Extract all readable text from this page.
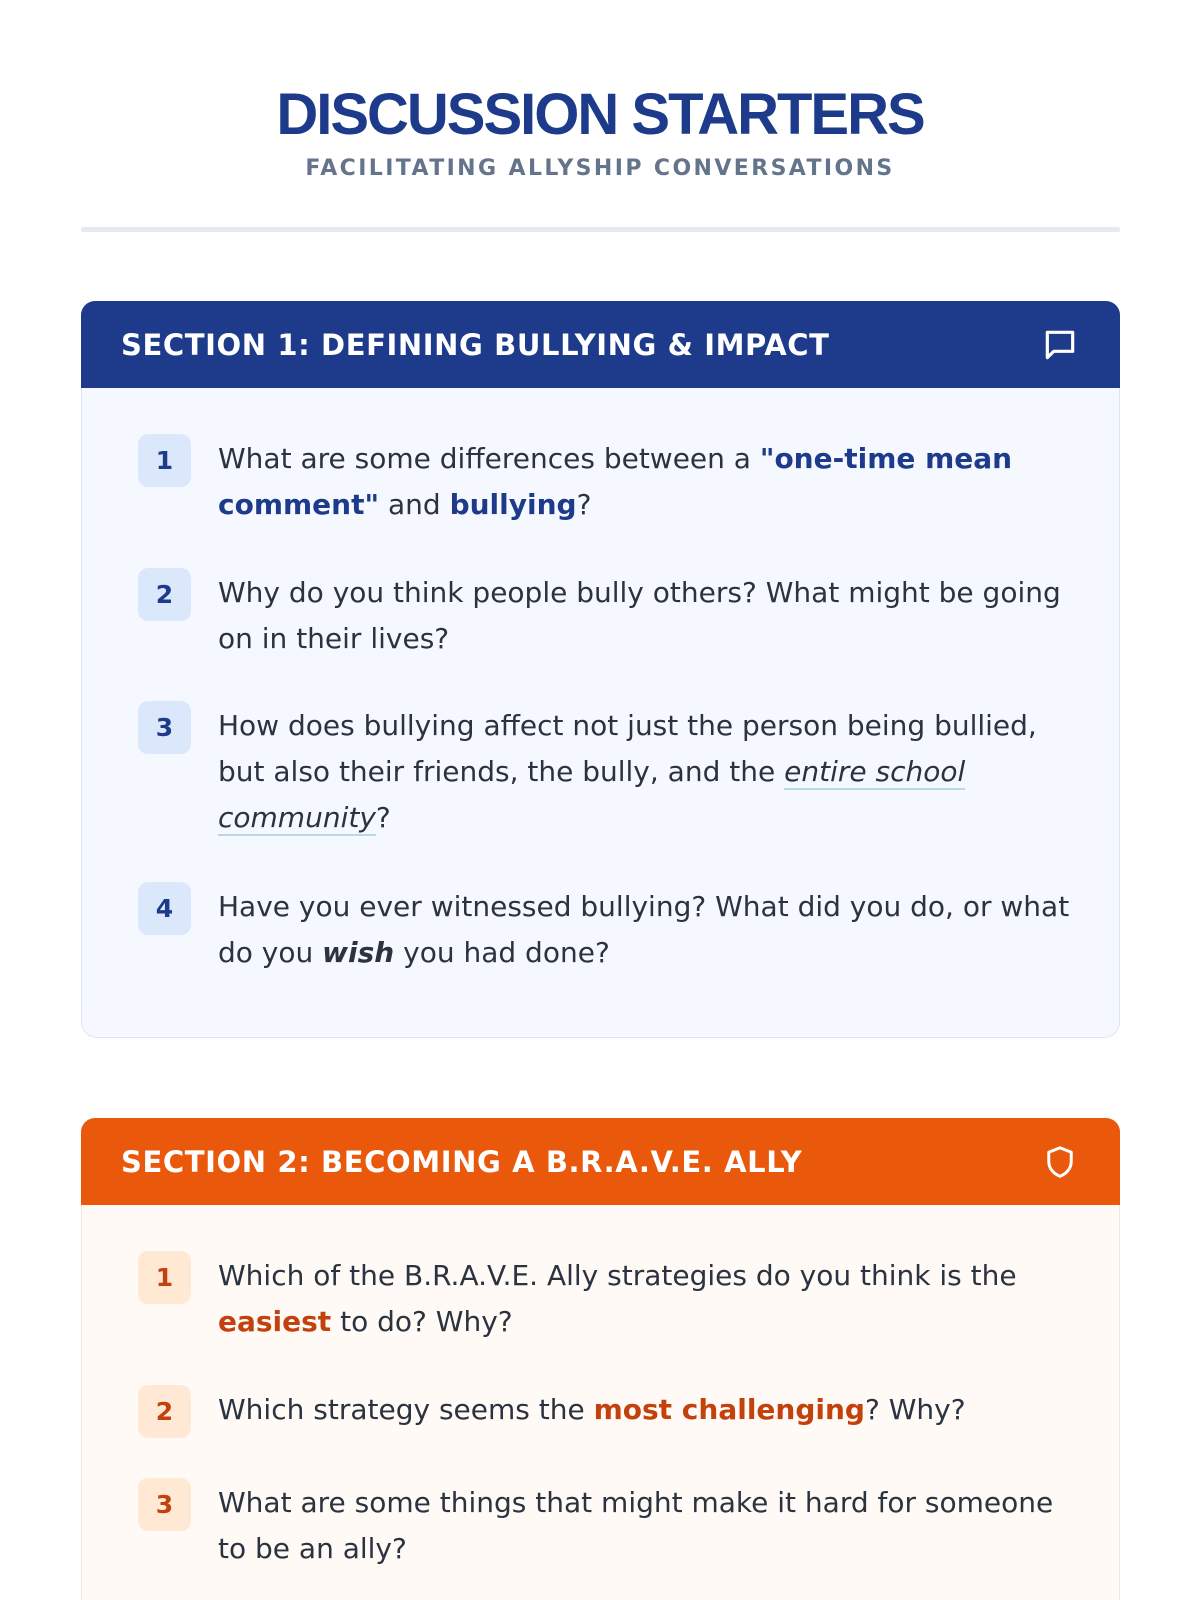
DISCUSSION STARTERS
FACILITATING ALLYSHIP CONVERSATIONS
SECTION 1: DEFINING BULLYING & IMPACT
1	What are some differences between a "one-time mean comment" and bullying?
2	Why do you think people bully others? What might be going on in their lives?
3	How does bullying affect not just the person being bullied, but also their friends, the bully, and the entire school community?
4	Have you ever witnessed bullying? What did you do, or what do you wish you had done?
SECTION 2: BECOMING A B.R.A.V.E. ALLY
1	Which of the B.R.A.V.E. Ally strategies do you think is the easiest to do? Why?
2	Which strategy seems the most challenging? Why?
3	What are some things that might make it hard for someone to be an ally?
